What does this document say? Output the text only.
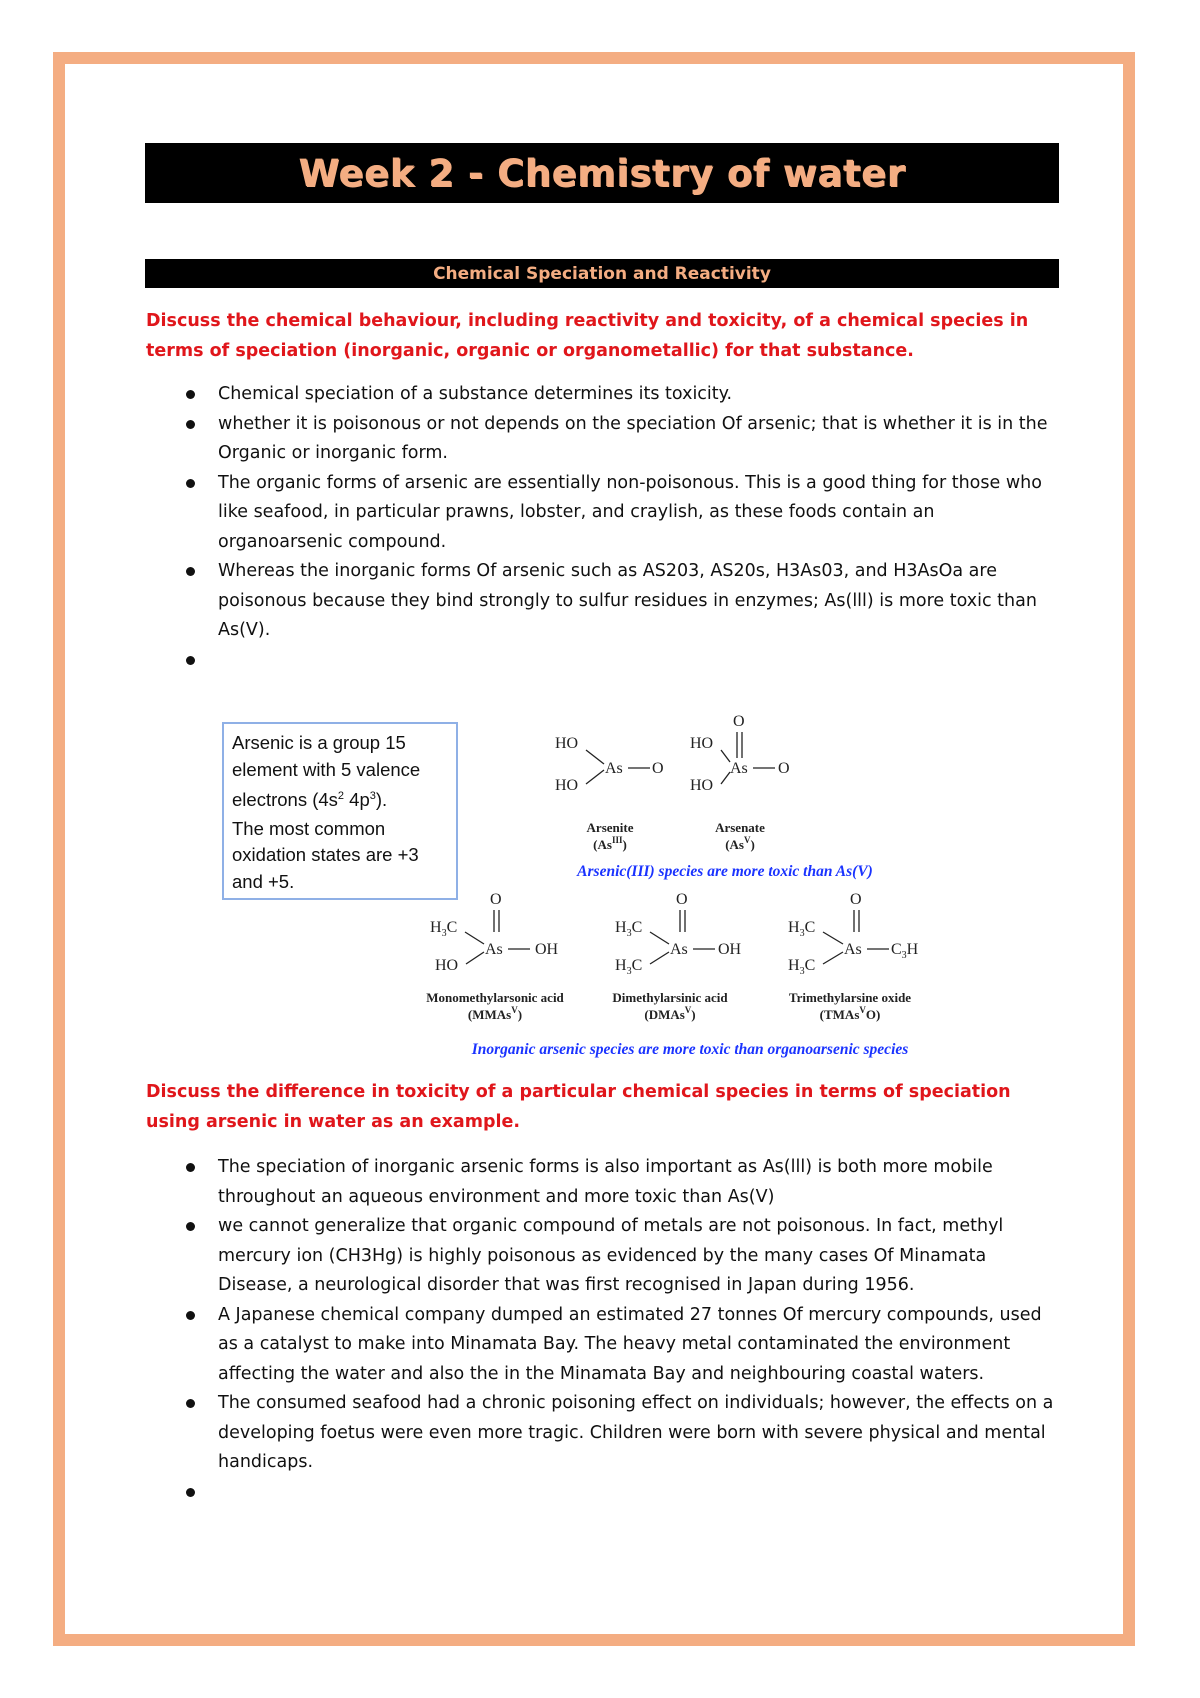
Week 2 - Chemistry of water
Chemical Speciation and Reactivity
Discuss the chemical behaviour, including reactivity and toxicity, of a chemical species in terms of speciation (inorganic, organic or organometallic) for that substance.
Chemical speciation of a substance determines its toxicity.
whether it is poisonous or not depends on the speciation Of arsenic; that is whether it is in the Organic or inorganic form.
The organic forms of arsenic are essentially non-poisonous. This is a good thing for those who like seafood, in particular prawns, lobster, and craylish, as these foods contain an organoarsenic compound.
Whereas the inorganic forms Of arsenic such as AS203, AS20s, H3As03, and H3AsOa are poisonous because they bind strongly to sulfur residues in enzymes; As(lll) is more toxic than As(V).

Arsenic is a group 15 element with 5 valence electrons ($4s^2$ $4p^3$).

The most common oxidation states are +3 and +5.

HO
HO
As O
Arsenite
$(As^{III})$
O
HO
HO
As O
Arsenate
$(As^V)$
Arsenic(III) species are more toxic than As(V)
O
$H_3C$
HO
As OH
Monomethylarsonic acid
(MMAs$^V$)
O
$H_3C$
$H_3C$
As OH
Dimethylarsinic acid
(DMAs$^V$)
O
$H_3C$
$H_3C$
As $C_3H$
Trimethylarsine oxide
(TMAs$^V$O)
Inorganic arsenic species are more toxic than organoarsenic species
Discuss the difference in toxicity of a particular chemical species in terms of speciation using arsenic in water as an example.
The speciation of inorganic arsenic forms is also important as As(lll) is both more mobile throughout an aqueous environment and more toxic than As(V)
we cannot generalize that organic compound of metals are not poisonous. In fact, methyl mercury ion (CH3Hg) is highly poisonous as evidenced by the many cases Of Minamata Disease, a neurological disorder that was first recognised in Japan during 1956.
A Japanese chemical company dumped an estimated 27 tonnes Of mercury compounds, used as a catalyst to make into Minamata Bay. The heavy metal contaminated the environment affecting the water and also the in the Minamata Bay and neighbouring coastal waters.
The consumed seafood had a chronic poisoning effect on individuals; however, the effects on a developing foetus were even more tragic. Children were born with severe physical and mental handicaps.
